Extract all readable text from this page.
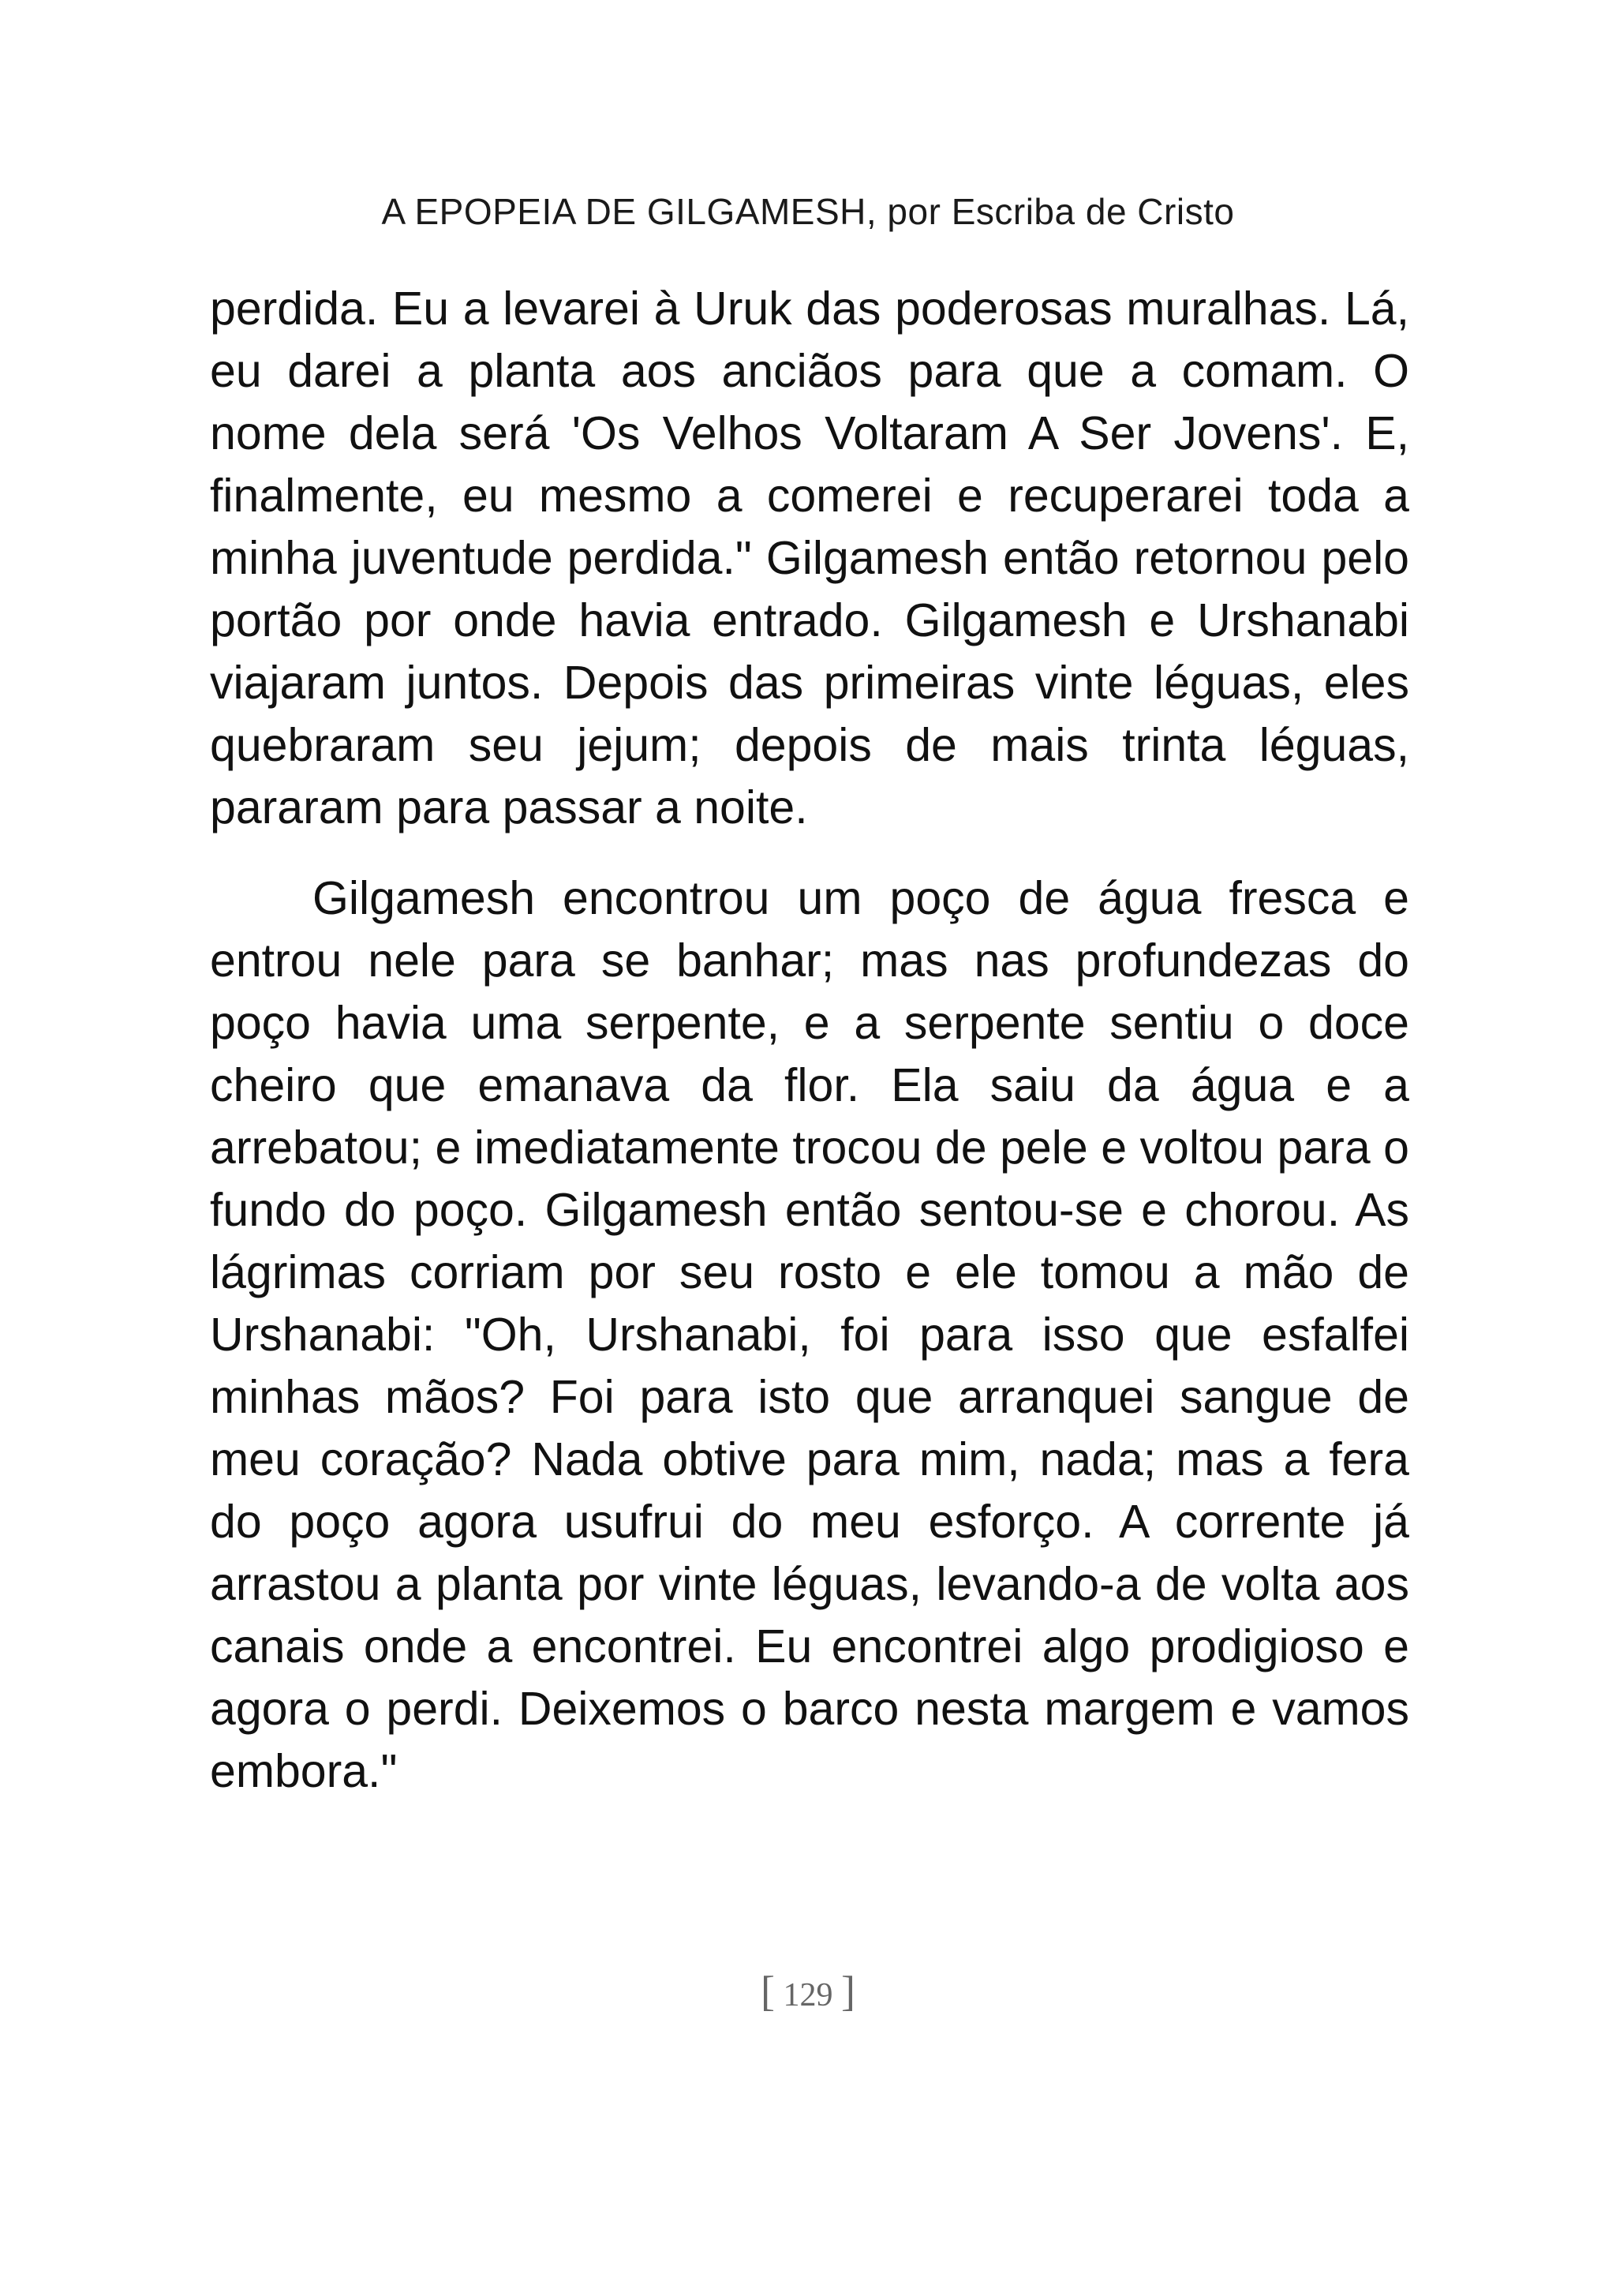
A EPOPEIA DE GILGAMESH, por Escriba de Cristo

perdida. Eu a levarei à Uruk das poderosas muralhas. Lá, eu darei a planta aos anciãos para que a comam. O nome dela será 'Os Velhos Voltaram A Ser Jovens'. E, finalmente, eu mesmo a comerei e recuperarei toda a minha juventude perdida." Gilgamesh então retornou pelo portão por onde havia entrado. Gilgamesh e Urshanabi viajaram juntos. Depois das primeiras vinte léguas, eles quebraram seu jejum; depois de mais trinta léguas, pararam para passar a noite.

Gilgamesh encontrou um poço de água fresca e entrou nele para se banhar; mas nas profundezas do poço havia uma serpente, e a serpente sentiu o doce cheiro que emanava da flor. Ela saiu da água e a arrebatou; e imediatamente trocou de pele e voltou para o fundo do poço. Gilgamesh então sentou-se e chorou. As lágrimas corriam por seu rosto e ele tomou a mão de Urshanabi: "Oh, Urshanabi, foi para isso que esfalfei minhas mãos? Foi para isto que arranquei sangue de meu coração? Nada obtive para mim, nada; mas a fera do poço agora usufrui do meu esforço. A corrente já arrastou a planta por vinte léguas, levando-a de volta aos canais onde a encontrei. Eu encontrei algo prodigioso e agora o perdi. Deixemos o barco nesta margem e vamos embora."

[ 129 ]
